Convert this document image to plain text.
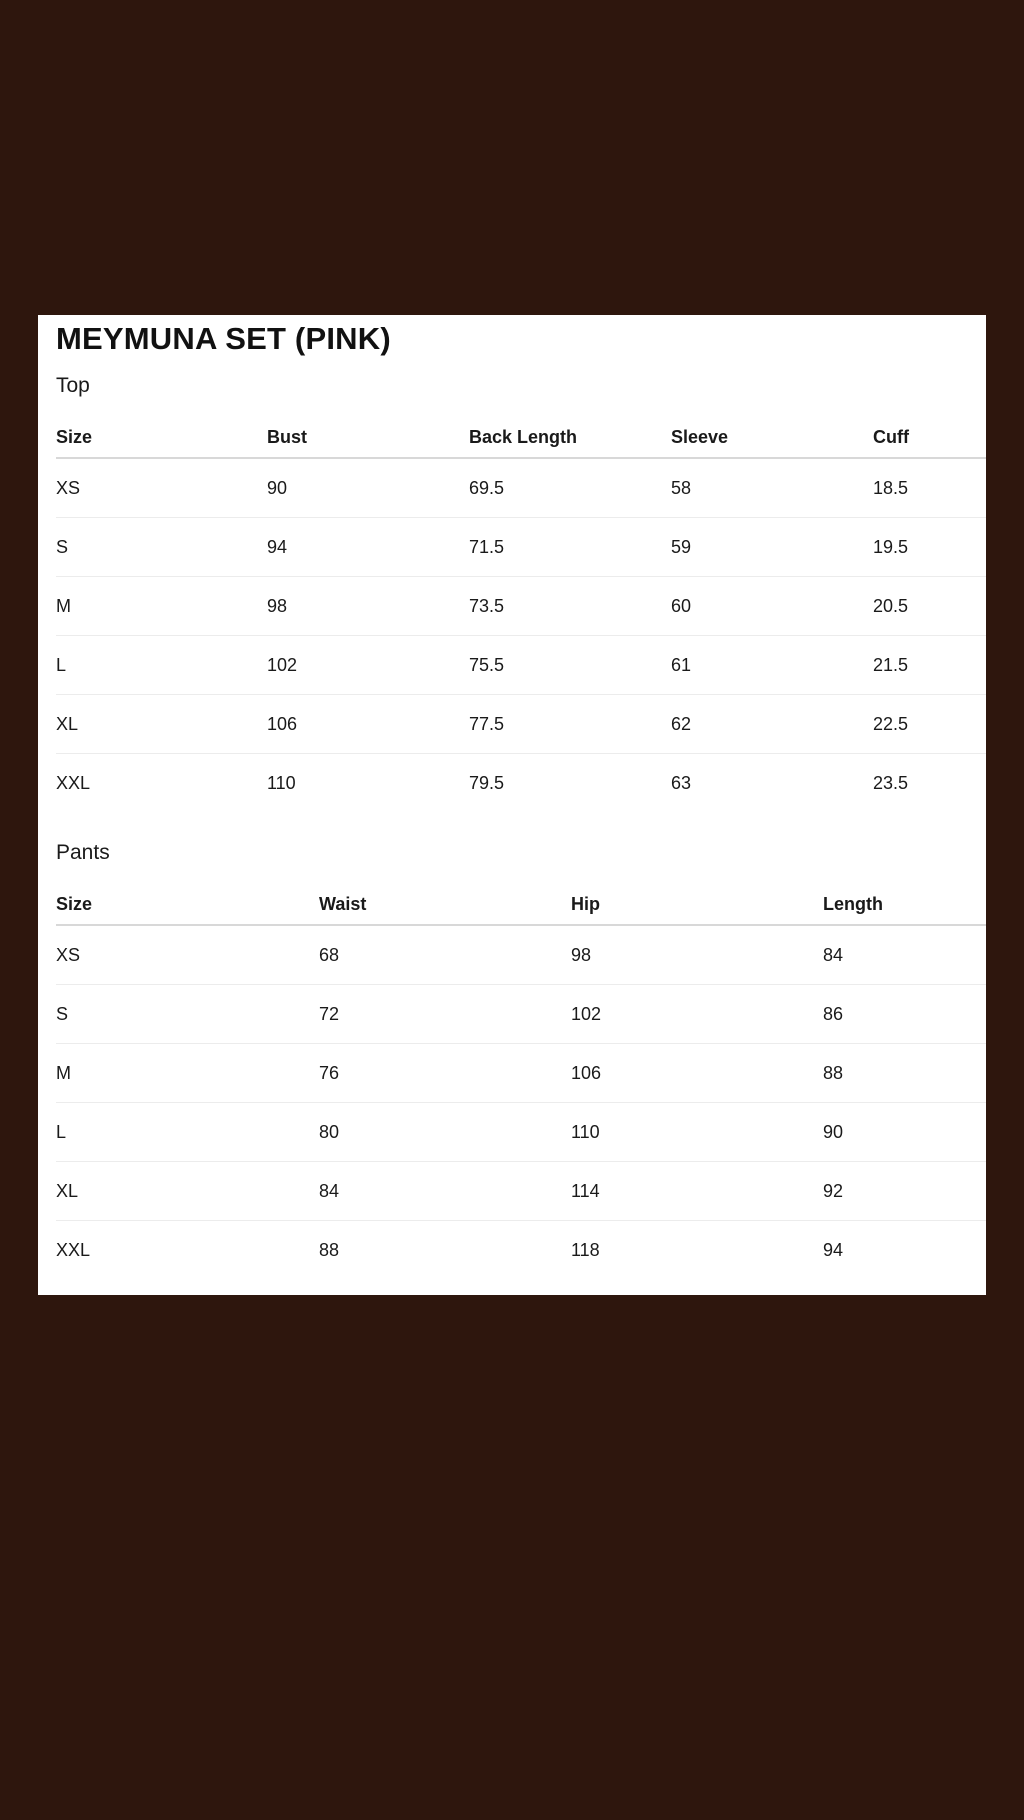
MEYMUNA SET (PINK)
Top
Size	Bust	Back Length	Sleeve	Cuff
XS	90	69.5	58	18.5
S	94	71.5	59	19.5
M	98	73.5	60	20.5
L	102	75.5	61	21.5
XL	106	77.5	62	22.5
XXL	110	79.5	63	23.5
Pants
Size	Waist	Hip	Length
XS	68	98	84
S	72	102	86
M	76	106	88
L	80	110	90
XL	84	114	92
XXL	88	118	94
